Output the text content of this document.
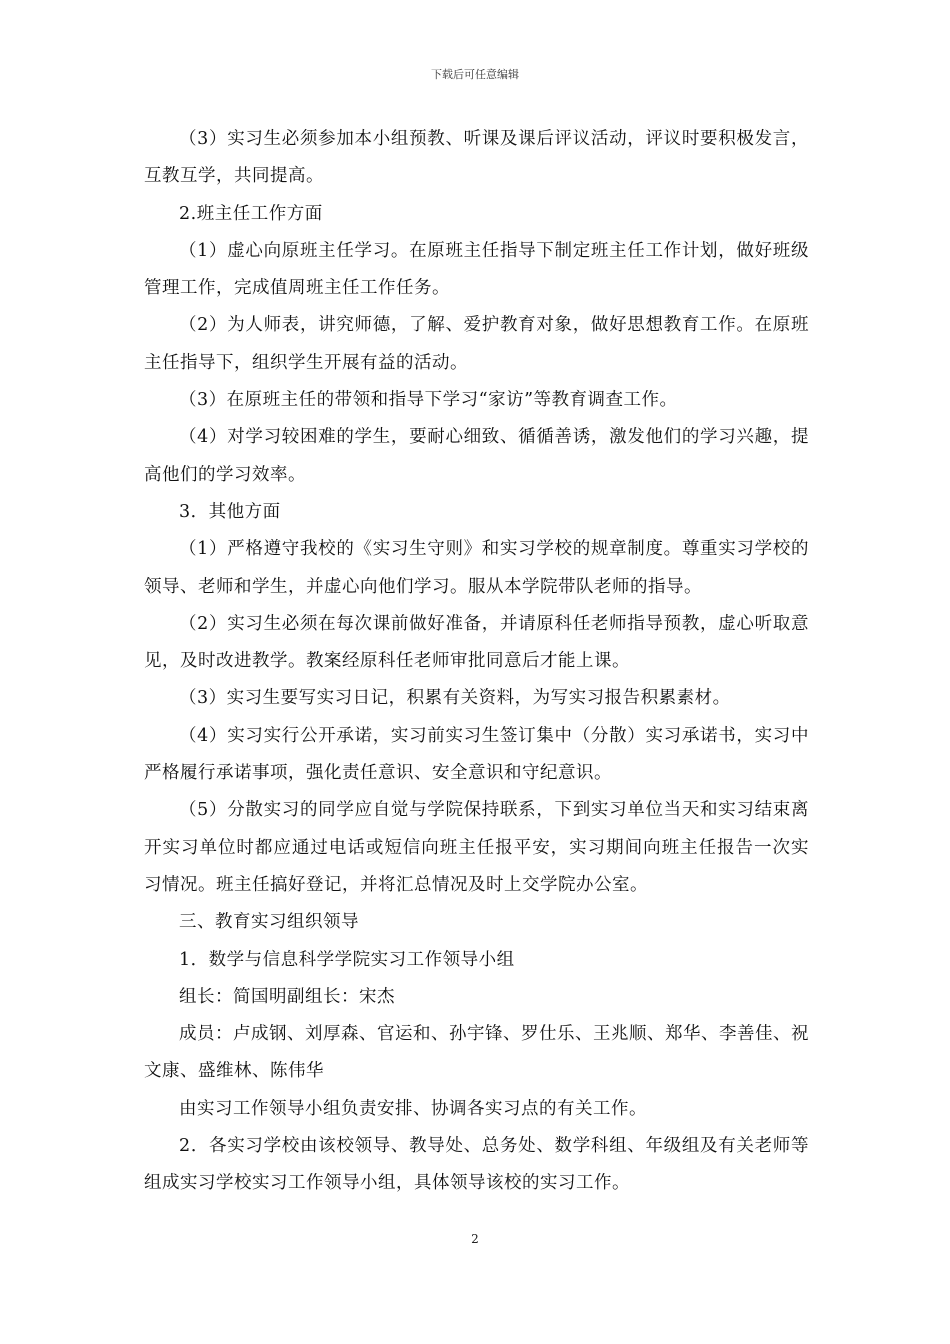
下载后可任意编辑

（3）实习生必须参加本小组预教、听课及课后评议活动，评议时要积极发言，互教互学，共同提高。

2.班主任工作方面

（1）虚心向原班主任学习。在原班主任指导下制定班主任工作计划，做好班级管理工作，完成值周班主任工作任务。

（2）为人师表，讲究师德，了解、爱护教育对象，做好思想教育工作。在原班主任指导下，组织学生开展有益的活动。

（3）在原班主任的带领和指导下学习“家访”等教育调查工作。

（4）对学习较困难的学生，要耐心细致、循循善诱，激发他们的学习兴趣，提高他们的学习效率。

3．其他方面

（1）严格遵守我校的《实习生守则》和实习学校的规章制度。尊重实习学校的领导、老师和学生，并虚心向他们学习。服从本学院带队老师的指导。

（2）实习生必须在每次课前做好准备，并请原科任老师指导预教，虚心听取意见，及时改进教学。教案经原科任老师审批同意后才能上课。

（3）实习生要写实习日记，积累有关资料，为写实习报告积累素材。

（4）实习实行公开承诺，实习前实习生签订集中（分散）实习承诺书，实习中严格履行承诺事项，强化责任意识、安全意识和守纪意识。

（5）分散实习的同学应自觉与学院保持联系，下到实习单位当天和实习结束离开实习单位时都应通过电话或短信向班主任报平安，实习期间向班主任报告一次实习情况。班主任搞好登记，并将汇总情况及时上交学院办公室。

三、教育实习组织领导

1．数学与信息科学学院实习工作领导小组

组长：简国明副组长：宋杰

成员：卢成钢、刘厚森、官运和、孙宇锋、罗仕乐、王兆顺、郑华、李善佳、祝文康、盛维林、陈伟华

由实习工作领导小组负责安排、协调各实习点的有关工作。

2．各实习学校由该校领导、教导处、总务处、数学科组、年级组及有关老师等组成实习学校实习工作领导小组，具体领导该校的实习工作。

2
